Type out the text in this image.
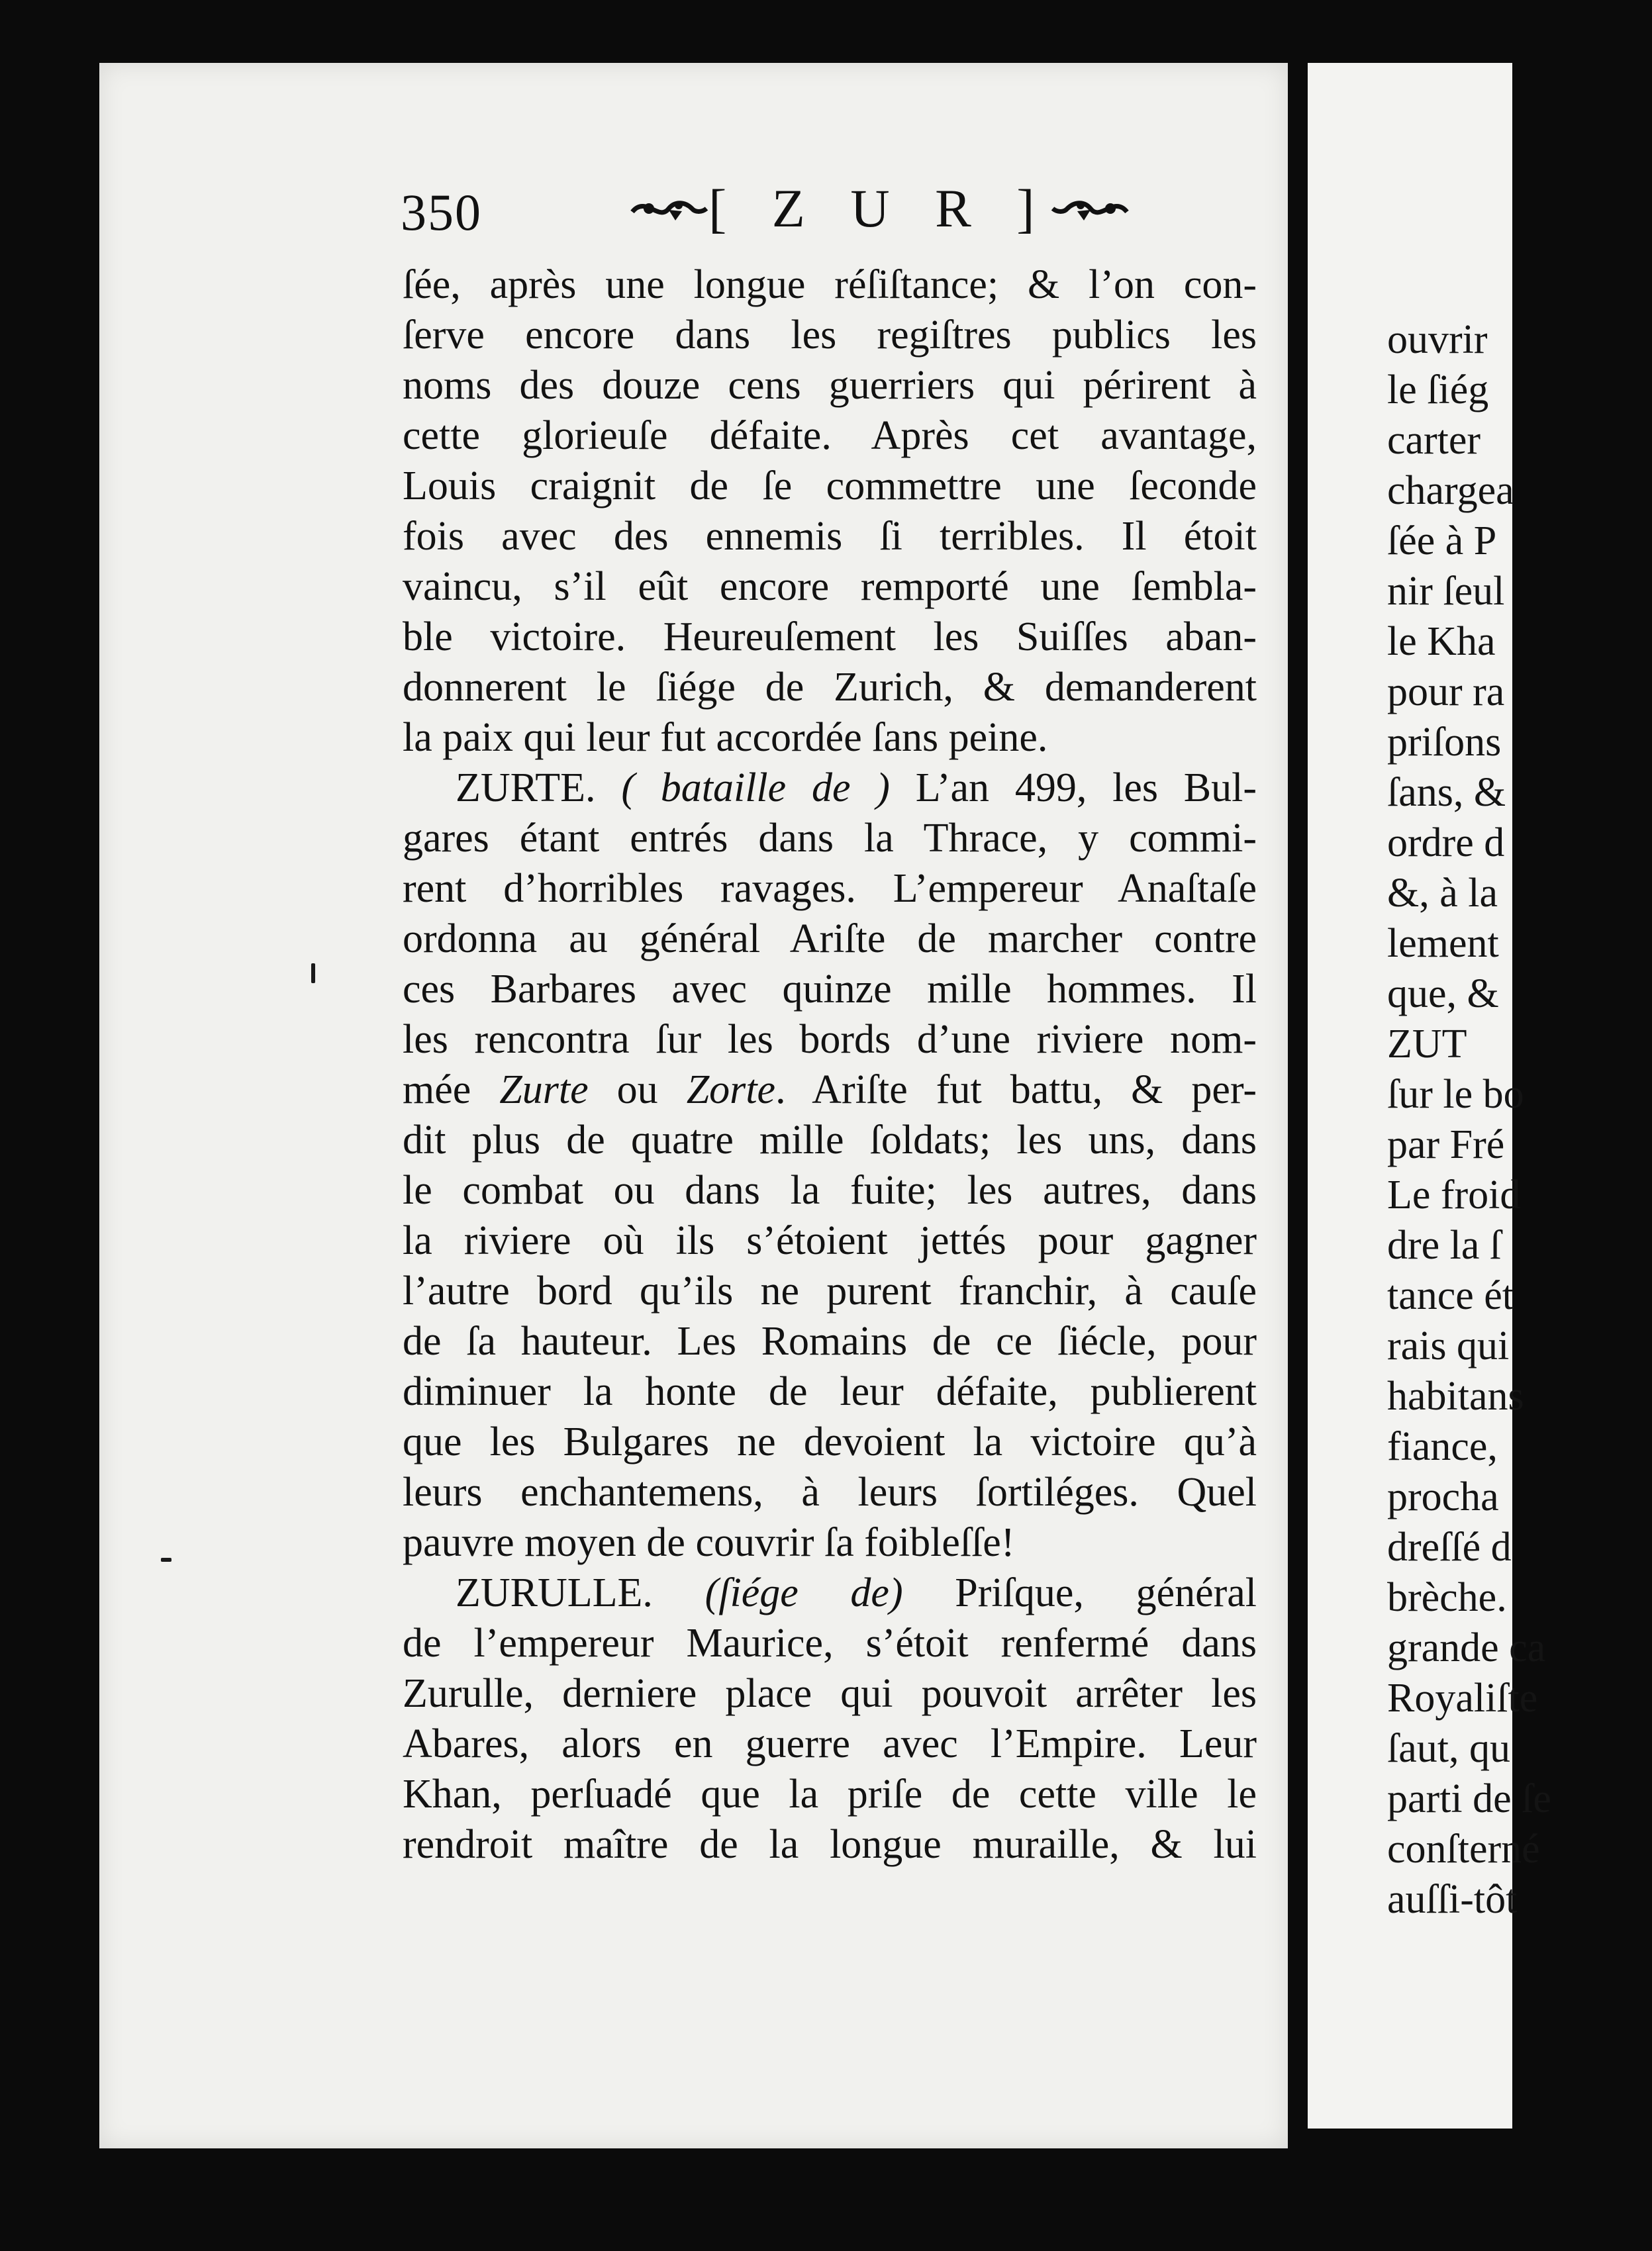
350	[ Z U R ]
ſée, après une longue réſiſtance; & l’on con-
ſerve encore dans les regiſtres publics les
noms des douze cens guerriers qui périrent à
cette glorieuſe défaite. Après cet avantage,
Louis craignit de ſe commettre une ſeconde
fois avec des ennemis ſi terribles. Il étoit
vaincu, s’il eût encore remporté une ſembla-
ble victoire. Heureuſement les Suiſſes aban-
donnerent le ſiége de Zurich, & demanderent
la paix qui leur fut accordée ſans peine.
ZURTE. ( bataille de ) L’an 499, les Bul-
gares étant entrés dans la Thrace, y commi-
rent d’horribles ravages. L’empereur Anaſtaſe
ordonna au général Ariſte de marcher contre
ces Barbares avec quinze mille hommes. Il
les rencontra ſur les bords d’une riviere nom-
mée Zurte ou Zorte. Ariſte fut battu, & per-
dit plus de quatre mille ſoldats; les uns, dans
le combat ou dans la fuite; les autres, dans
la riviere où ils s’étoient jettés pour gagner
l’autre bord qu’ils ne purent franchir, à cauſe
de ſa hauteur. Les Romains de ce ſiécle, pour
diminuer la honte de leur défaite, publierent
que les Bulgares ne devoient la victoire qu’à
leurs enchantemens, à leurs ſortiléges. Quel
pauvre moyen de couvrir ſa foibleſſe!
ZURULLE. (ſiége de) Priſque, général
de l’empereur Maurice, s’étoit renfermé dans
Zurulle, derniere place qui pouvoit arrêter les
Abares, alors en guerre avec l’Empire. Leur
Khan, perſuadé que la priſe de cette ville le
rendroit maître de la longue muraille, & lui
ouvrir
le ſiég
carter
chargea
ſée à P
nir ſeul
le Kha
pour ra
priſons
ſans, &
ordre d
&, à la
lement
que, &
ZUT
ſur le bo
par Fré
Le froid
dre la ſ
tance ét
rais qui
habitans
fiance,
procha
dreſſé d
brèche.
grande ca
Royaliſte
ſaut, qu
parti de ſe
conſterné
auſſi-tôt
